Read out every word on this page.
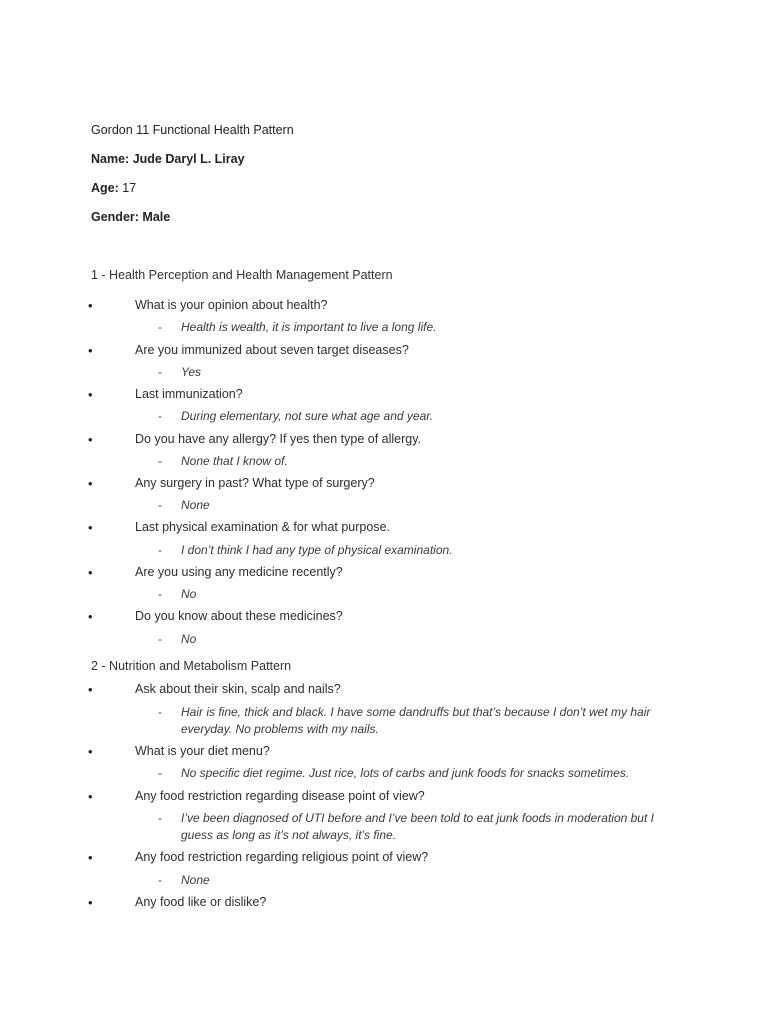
Gordon 11 Functional Health Pattern
Name: Jude Daryl L. Liray
Age: 17
Gender: Male
1 - Health Perception and Health Management Pattern
•	What is your opinion about health?
- Health is wealth, it is important to live a long life.
•	Are you immunized about seven target diseases?
- Yes
•	Last immunization?
- During elementary, not sure what age and year.
•	Do you have any allergy? If yes then type of allergy.
- None that I know of.
•	Any surgery in past? What type of surgery?
- None
•	Last physical examination & for what purpose.
- I don’t think I had any type of physical examination.
•	Are you using any medicine recently?
- No
•	Do you know about these medicines?
- No
2 - Nutrition and Metabolism Pattern
•	Ask about their skin, scalp and nails?
- Hair is fine, thick and black. I have some dandruffs but that’s because I don’t wet my hair everyday. No problems with my nails.
•	What is your diet menu?
- No specific diet regime. Just rice, lots of carbs and junk foods for snacks sometimes.
•	Any food restriction regarding disease point of view?
- I’ve been diagnosed of UTI before and I’ve been told to eat junk foods in moderation but I guess as long as it’s not always, it’s fine.
•	Any food restriction regarding religious point of view?
- None
•	Any food like or dislike?
